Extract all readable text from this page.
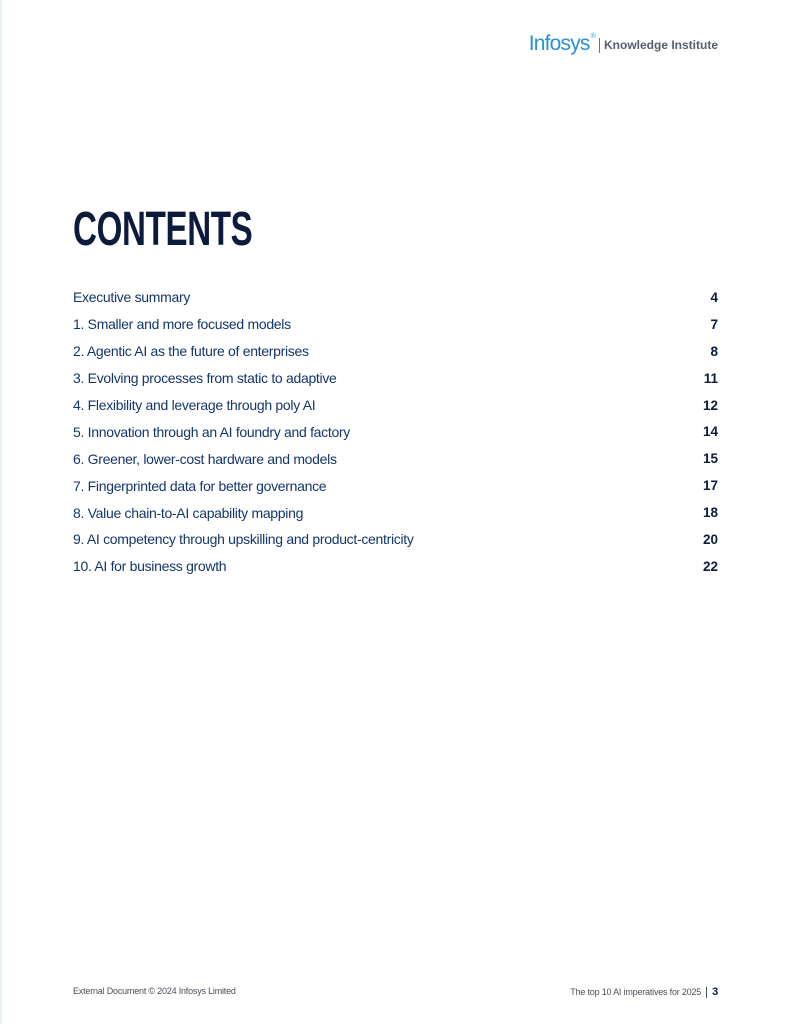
Infosys®
Knowledge Institute
CONTENTS
Executive summary	4
1. Smaller and more focused models	7
2. Agentic AI as the future of enterprises	8
3. Evolving processes from static to adaptive	11
4. Flexibility and leverage through poly AI	12
5. Innovation through an AI foundry and factory	14
6. Greener, lower-cost hardware and models	15
7. Fingerprinted data for better governance	17
8. Value chain-to-AI capability mapping	18
9. AI competency through upskilling and product-centricity	20
10. AI for business growth	22
External Document © 2024 Infosys Limited	The top 10 AI imperatives for 2025 3
